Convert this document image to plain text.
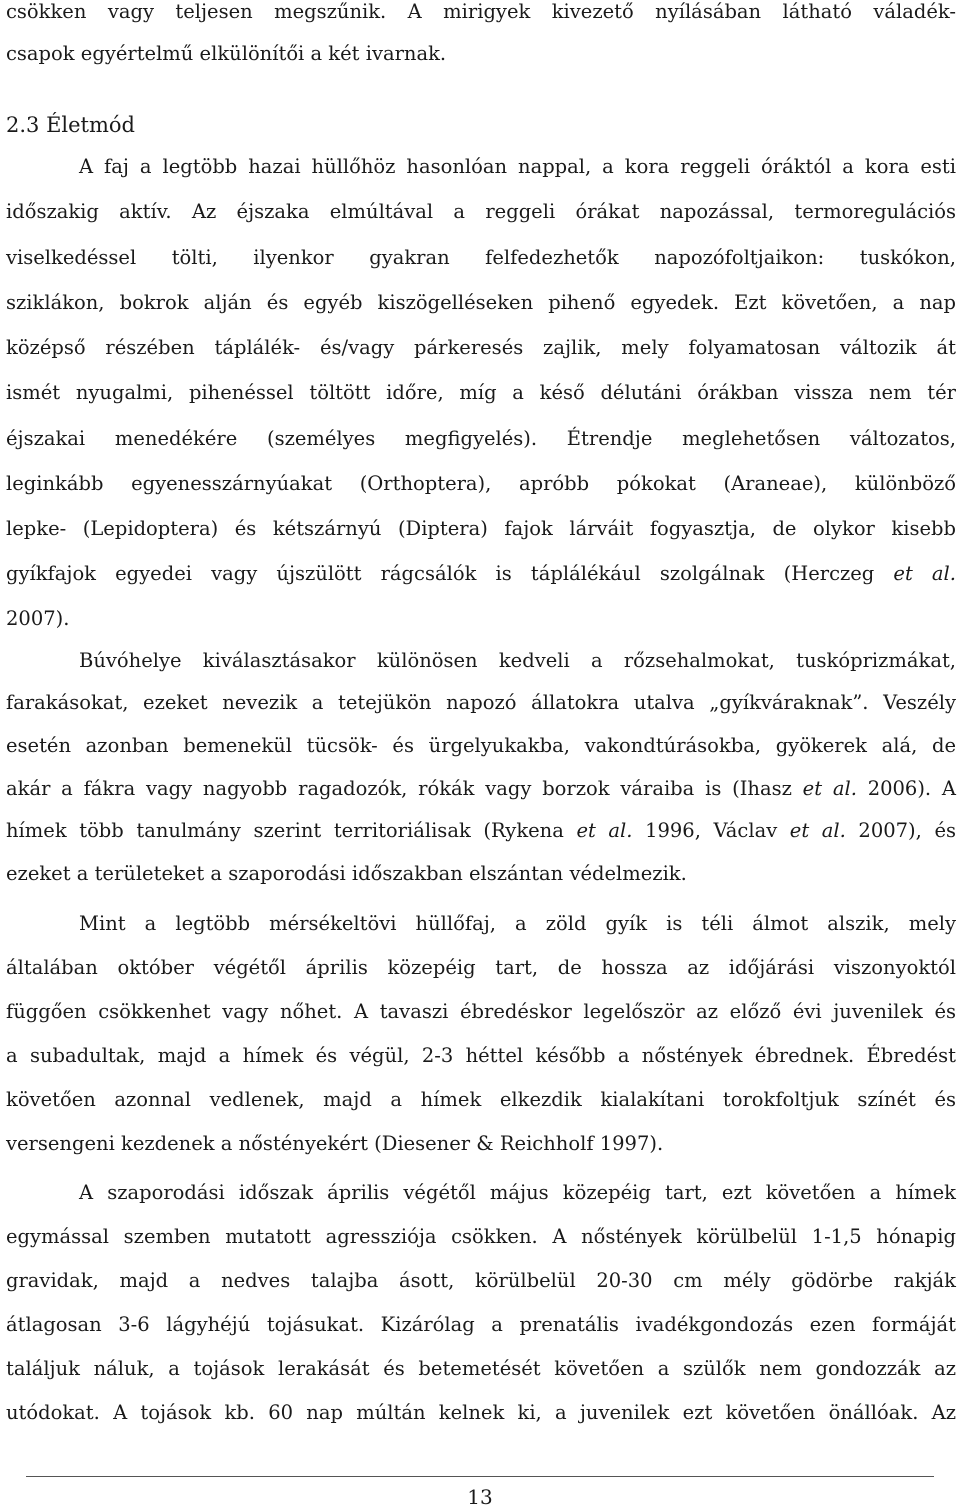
csökken vagy teljesen megszűnik. A mirigyek kivezető nyílásában látható váladék-
csapok egyértelmű elkülönítői a két ivarnak.
2.3 Életmód
A faj a legtöbb hazai hüllőhöz hasonlóan nappal, a kora reggeli óráktól a kora esti
időszakig aktív. Az éjszaka elmúltával a reggeli órákat napozással, termoregulációs
viselkedéssel tölti, ilyenkor gyakran felfedezhetők napozófoltjaikon: tuskókon,
sziklákon, bokrok alján és egyéb kiszögelléseken pihenő egyedek. Ezt követően, a nap
középső részében táplálék- és/vagy párkeresés zajlik, mely folyamatosan változik át
ismét nyugalmi, pihenéssel töltött időre, míg a késő délutáni órákban vissza nem tér
éjszakai menedékére (személyes megfigyelés). Étrendje meglehetősen változatos,
leginkább egyenesszárnyúakat (Orthoptera), apróbb pókokat (Araneae), különböző
lepke- (Lepidoptera) és kétszárnyú (Diptera) fajok lárváit fogyasztja, de olykor kisebb
gyíkfajok egyedei vagy újszülött rágcsálók is táplálékául szolgálnak (Herczeg et al.
2007).
Búvóhelye kiválasztásakor különösen kedveli a rőzsehalmokat, tuskóprizmákat,
farakásokat, ezeket nevezik a tetejükön napozó állatokra utalva „gyíkváraknak”. Veszély
esetén azonban bemenekül tücsök- és ürgelyukakba, vakondtúrásokba, gyökerek alá, de
akár a fákra vagy nagyobb ragadozók, rókák vagy borzok váraiba is (Ihasz et al. 2006). A
hímek több tanulmány szerint territoriálisak (Rykena et al. 1996, Václav et al. 2007), és
ezeket a területeket a szaporodási időszakban elszántan védelmezik.
Mint a legtöbb mérsékeltövi hüllőfaj, a zöld gyík is téli álmot alszik, mely
általában október végétől április közepéig tart, de hossza az időjárási viszonyoktól
függően csökkenhet vagy nőhet. A tavaszi ébredéskor legelőször az előző évi juvenilek és
a subadultak, majd a hímek és végül, 2-3 héttel később a nőstények ébrednek. Ébredést
követően azonnal vedlenek, majd a hímek elkezdik kialakítani torokfoltjuk színét és
versengeni kezdenek a nőstényekért (Diesener & Reichholf 1997).
A szaporodási időszak április végétől május közepéig tart, ezt követően a hímek
egymással szemben mutatott agressziója csökken. A nőstények körülbelül 1-1,5 hónapig
gravidak, majd a nedves talajba ásott, körülbelül 20-30 cm mély gödörbe rakják
átlagosan 3-6 lágyhéjú tojásukat. Kizárólag a prenatális ivadékgondozás ezen formáját
találjuk náluk, a tojások lerakását és betemetését követően a szülők nem gondozzák az
utódokat. A tojások kb. 60 nap múltán kelnek ki, a juvenilek ezt követően önállóak. Az
13
